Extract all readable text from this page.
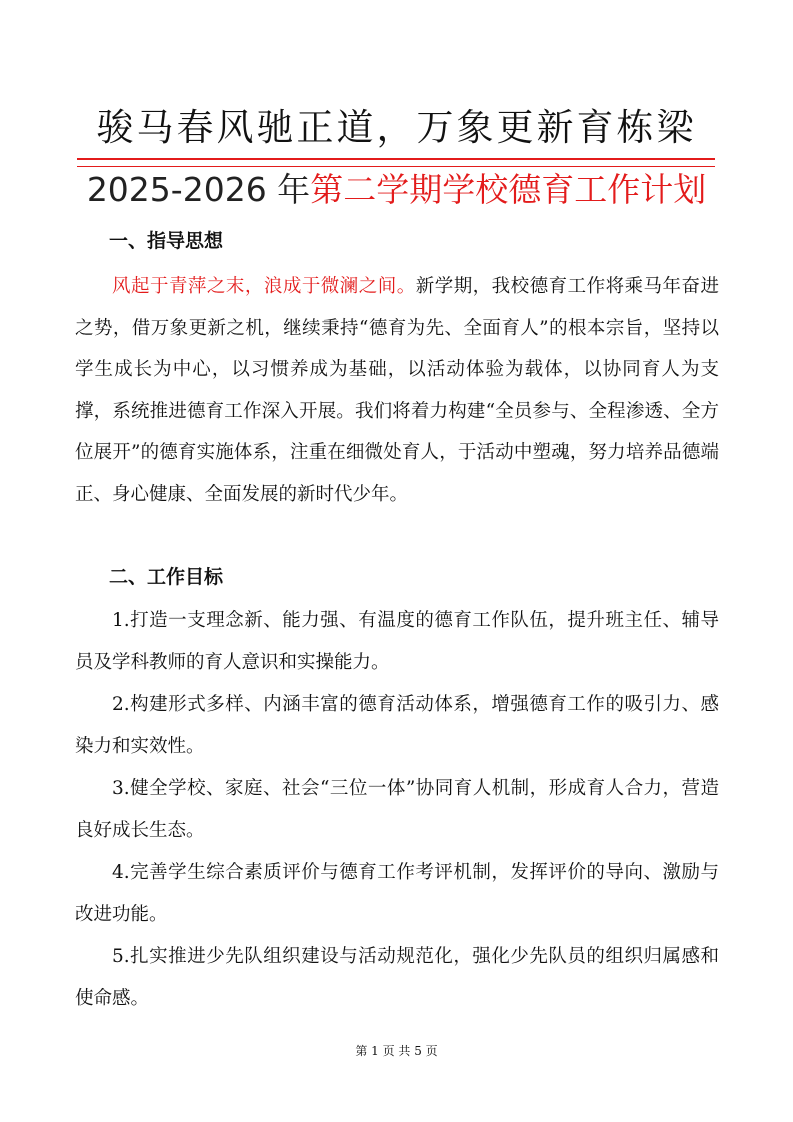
骏马春风驰正道，万象更新育栋梁
2025-2026 年第二学期学校德育工作计划
一、指导思想

风起于青萍之末，浪成于微澜之间。新学期，我校德育工作将乘马年奋进之势，借万象更新之机，继续秉持“德育为先、全面育人”的根本宗旨，坚持以学生成长为中心，以习惯养成为基础，以活动体验为载体，以协同育人为支撑，系统推进德育工作深入开展。我们将着力构建“全员参与、全程渗透、全方位展开”的德育实施体系，注重在细微处育人，于活动中塑魂，努力培养品德端正、身心健康、全面发展的新时代少年。

二、工作目标

1.打造一支理念新、能力强、有温度的德育工作队伍，提升班主任、辅导员及学科教师的育人意识和实操能力。

2.构建形式多样、内涵丰富的德育活动体系，增强德育工作的吸引力、感染力和实效性。

3.健全学校、家庭、社会“三位一体”协同育人机制，形成育人合力，营造良好成长生态。

4.完善学生综合素质评价与德育工作考评机制，发挥评价的导向、激励与改进功能。

5.扎实推进少先队组织建设与活动规范化，强化少先队员的组织归属感和使命感。

第 1 页 共 5 页
